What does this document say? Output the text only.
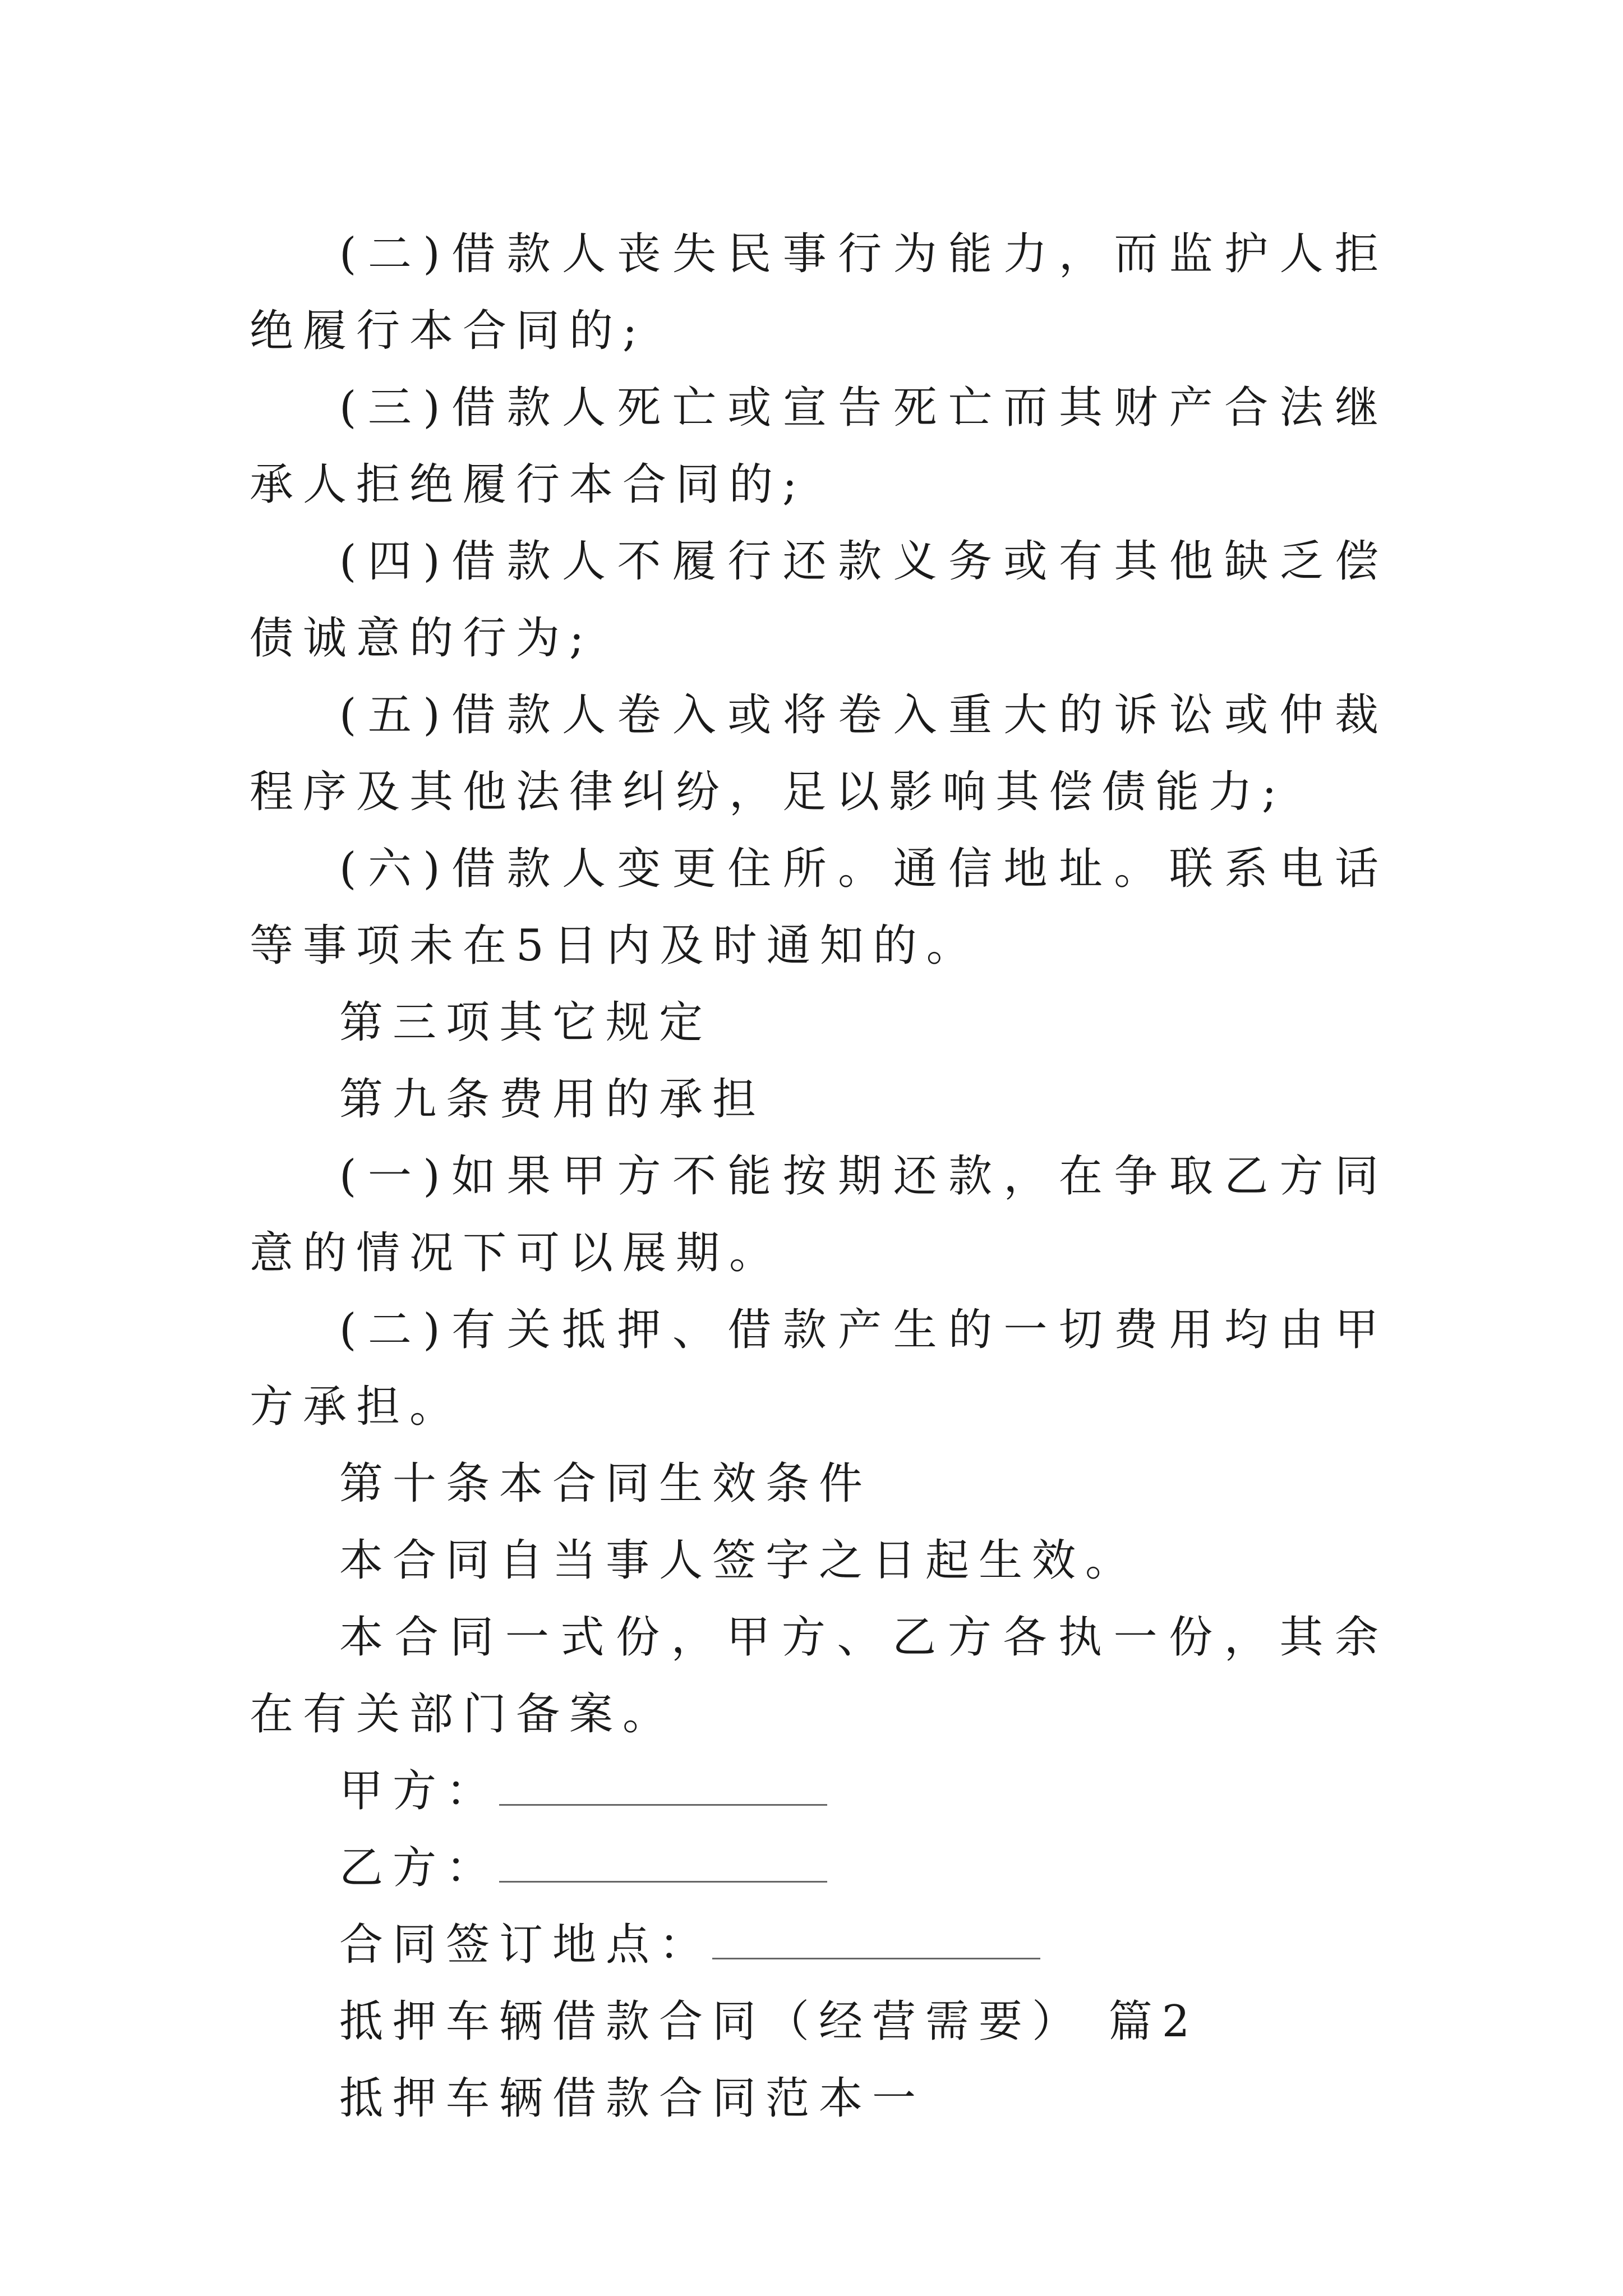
(二)借款人丧失民事行为能力，而监护人拒绝履行本合同的;

(三)借款人死亡或宣告死亡而其财产合法继承人拒绝履行本合同的;

(四)借款人不履行还款义务或有其他缺乏偿债诚意的行为;

(五)借款人卷入或将卷入重大的诉讼或仲裁程序及其他法律纠纷，足以影响其偿债能力;

(六)借款人变更住所。通信地址。联系电话等事项未在5日内及时通知的。

第三项其它规定

第九条费用的承担

(一)如果甲方不能按期还款，在争取乙方同意的情况下可以展期。

(二)有关抵押、借款产生的一切费用均由甲方承担。

第十条本合同生效条件

本合同自当事人签字之日起生效。

本合同一式份，甲方、乙方各执一份，其余在有关部门备案。

甲方：

乙方：

合同签订地点：

抵押车辆借款合同（经营需要） 篇2

抵押车辆借款合同范本一
